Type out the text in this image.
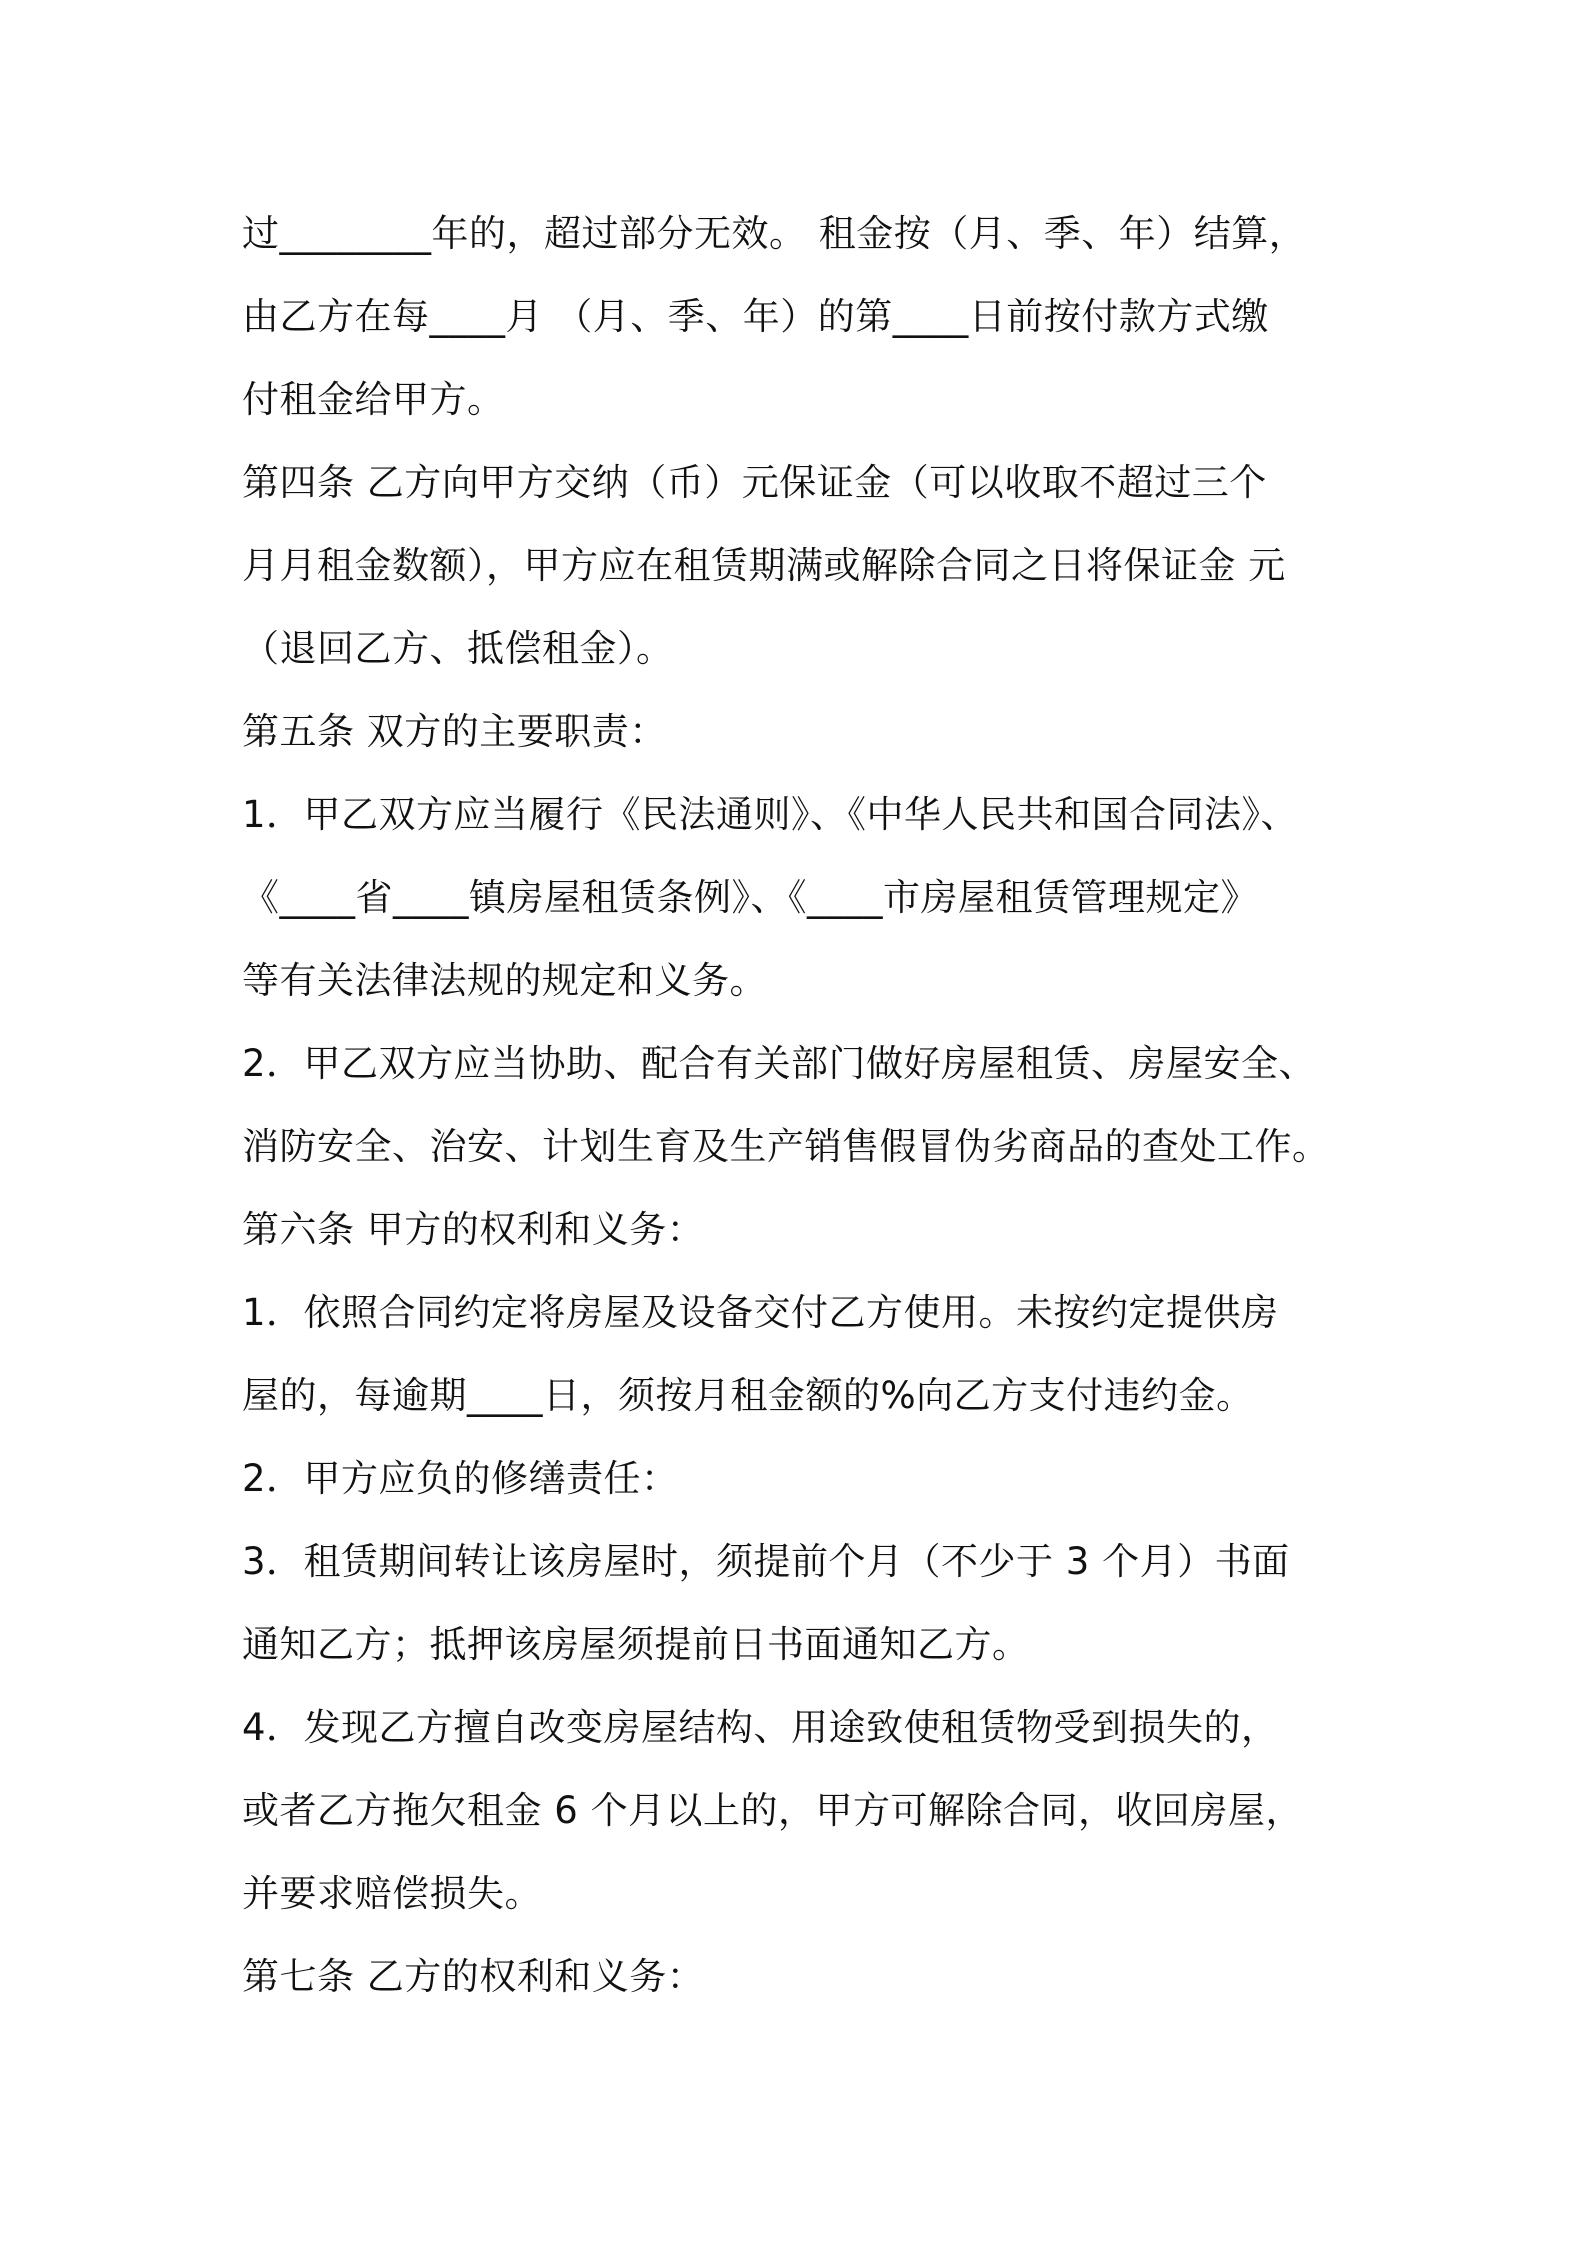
过________年的，超过部分无效。 租金按（月、季、年）结算，
由乙方在每____月 （月、季、年）的第____日前按付款方式缴
付租金给甲方。
第四条 乙方向甲方交纳（币）元保证金（可以收取不超过三个
月月租金数额），甲方应在租赁期满或解除合同之日将保证金 元
（退回乙方、抵偿租金）。
第五条 双方的主要职责：
1．甲乙双方应当履行《民法通则》、《中华人民共和国合同法》、
《____省____镇房屋租赁条例》、《____市房屋租赁管理规定》
等有关法律法规的规定和义务。
2．甲乙双方应当协助、配合有关部门做好房屋租赁、房屋安全、
消防安全、治安、计划生育及生产销售假冒伪劣商品的查处工作。
第六条 甲方的权利和义务：
1．依照合同约定将房屋及设备交付乙方使用。未按约定提供房
屋的，每逾期____日，须按月租金额的%向乙方支付违约金。
2．甲方应负的修缮责任：
3．租赁期间转让该房屋时，须提前个月（不少于 3 个月）书面
通知乙方；抵押该房屋须提前日书面通知乙方。
4．发现乙方擅自改变房屋结构、用途致使租赁物受到损失的，
或者乙方拖欠租金 6 个月以上的，甲方可解除合同，收回房屋，
并要求赔偿损失。
第七条 乙方的权利和义务：
